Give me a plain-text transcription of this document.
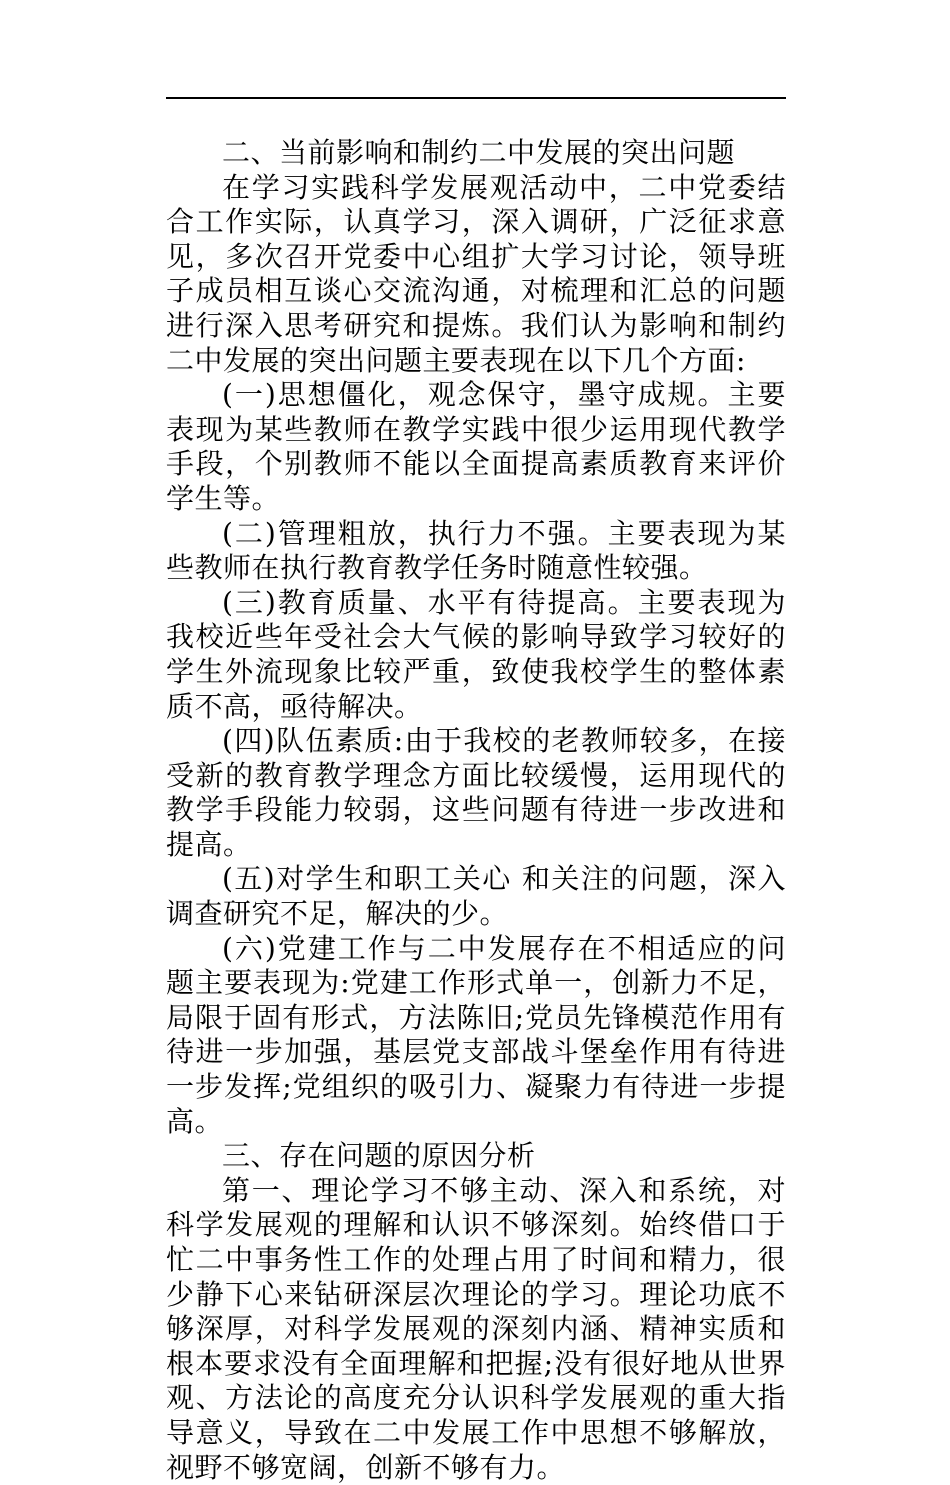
二、当前影响和制约二中发展的突出问题

在学习实践科学发展观活动中，二中党委结合工作实际，认真学习，深入调研，广泛征求意见，多次召开党委中心组扩大学习讨论，领导班子成员相互谈心交流沟通，对梳理和汇总的问题进行深入思考研究和提炼。我们认为影响和制约二中发展的突出问题主要表现在以下几个方面:

(一)思想僵化，观念保守，墨守成规。主要表现为某些教师在教学实践中很少运用现代教学手段，个别教师不能以全面提高素质教育来评价学生等。

(二)管理粗放，执行力不强。主要表现为某些教师在执行教育教学任务时随意性较强。

(三)教育质量、水平有待提高。主要表现为我校近些年受社会大气候的影响导致学习较好的学生外流现象比较严重，致使我校学生的整体素质不高，亟待解决。

(四)队伍素质:由于我校的老教师较多，在接受新的教育教学理念方面比较缓慢，运用现代的教学手段能力较弱，这些问题有待进一步改进和提高。

(五)对学生和职工关心 和关注的问题，深入调查研究不足，解决的少。

(六)党建工作与二中发展存在不相适应的问题主要表现为:党建工作形式单一，创新力不足，局限于固有形式，方法陈旧;党员先锋模范作用有待进一步加强，基层党支部战斗堡垒作用有待进一步发挥;党组织的吸引力、凝聚力有待进一步提高。

三、存在问题的原因分析

第一、理论学习不够主动、深入和系统，对科学发展观的理解和认识不够深刻。始终借口于忙二中事务性工作的处理占用了时间和精力，很少静下心来钻研深层次理论的学习。理论功底不够深厚，对科学发展观的深刻内涵、精神实质和根本要求没有全面理解和把握;没有很好地从世界观、方法论的高度充分认识科学发展观的重大指导意义，导致在二中发展工作中思想不够解放，视野不够宽阔，创新不够有力。
